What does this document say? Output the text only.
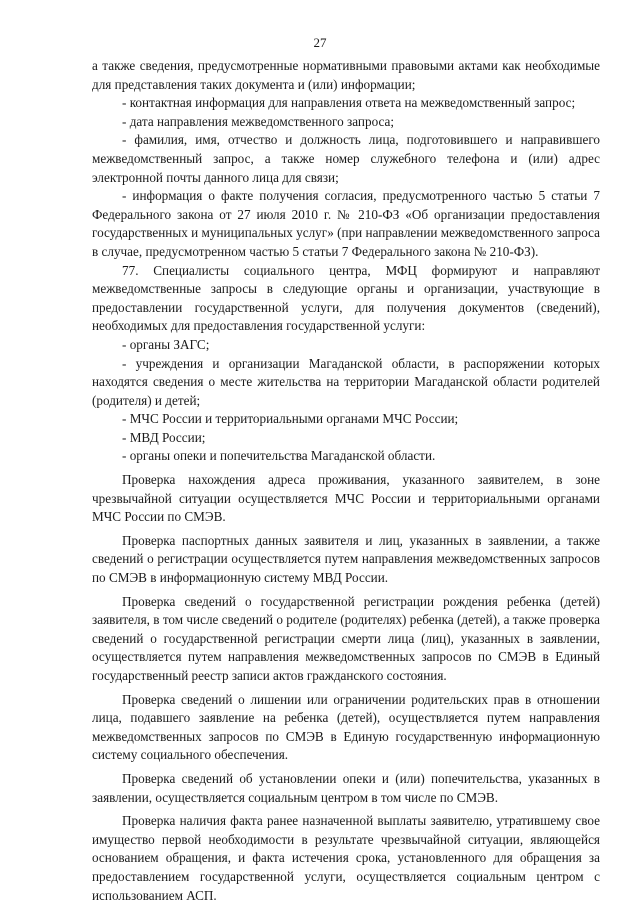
27

а также сведения, предусмотренные нормативными правовыми актами как необходимые для представления таких документа и (или) информации;

- контактная информация для направления ответа на межведомственный запрос;

- дата направления межведомственного запроса;

- фамилия, имя, отчество и должность лица, подготовившего и направившего межведомственный запрос, а также номер служебного телефона и (или) адрес электронной почты данного лица для связи;

- информация о факте получения согласия, предусмотренного частью 5 статьи 7 Федерального закона от 27 июля 2010 г. № 210-ФЗ «Об организации предоставления государственных и муниципальных услуг» (при направлении межведомственного запроса в случае, предусмотренном частью 5 статьи 7 Федерального закона № 210-ФЗ).

77. Специалисты социального центра, МФЦ формируют и направляют межведомственные запросы в следующие органы и организации, участвующие в предоставлении государственной услуги, для получения документов (сведений), необходимых для предоставления государственной услуги:

- органы ЗАГС;

- учреждения и организации Магаданской области, в распоряжении которых находятся сведения о месте жительства на территории Магаданской области родителей (родителя) и детей;

- МЧС России и территориальными органами МЧС России;

- МВД России;

- органы опеки и попечительства Магаданской области.

Проверка нахождения адреса проживания, указанного заявителем, в зоне чрезвычайной ситуации осуществляется МЧС России и территориальными органами МЧС России по СМЭВ.

Проверка паспортных данных заявителя и лиц, указанных в заявлении, а также сведений о регистрации осуществляется путем направления межведомственных запросов по СМЭВ в информационную систему МВД России.

Проверка сведений о государственной регистрации рождения ребенка (детей) заявителя, в том числе сведений о родителе (родителях) ребенка (детей), а также проверка сведений о государственной регистрации смерти лица (лиц), указанных в заявлении, осуществляется путем направления межведомственных запросов по СМЭВ в Единый государственный реестр записи актов гражданского состояния.

Проверка сведений о лишении или ограничении родительских прав в отношении лица, подавшего заявление на ребенка (детей), осуществляется путем направления межведомственных запросов по СМЭВ в Единую государственную информационную систему социального обеспечения.

Проверка сведений об установлении опеки и (или) попечительства, указанных в заявлении, осуществляется социальным центром в том числе по СМЭВ.

Проверка наличия факта ранее назначенной выплаты заявителю, утратившему свое имущество первой необходимости в результате чрезвычайной ситуации, являющейся основанием обращения, и факта истечения срока, установленного для обращения за предоставлением государственной услуги, осуществляется социальным центром с использованием АСП.
